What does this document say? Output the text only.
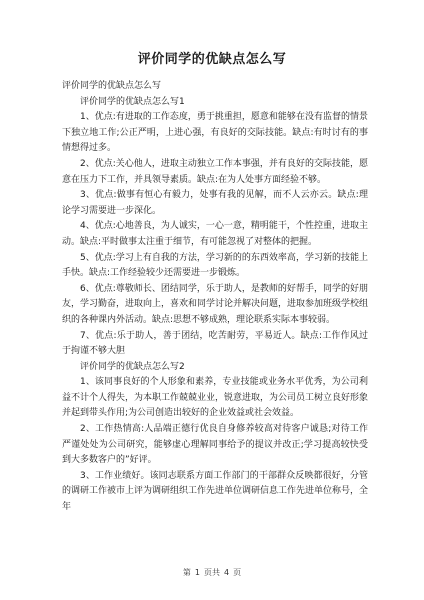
评价同学的优缺点怎么写

评价同学的优缺点怎么写

评价同学的优缺点怎么写1

1、优点:有进取的工作态度，勇于挑重担，愿意和能够在没有监督的情景下独立地工作;公正严明，上进心强，有良好的交际技能。缺点:有时讨有的事情想得过多。

2、优点:关心他人，进取主动独立工作本事强，并有良好的交际技能，愿意在压力下工作，并具领导素质。缺点:在为人处事方面经验不够。

3、优点:做事有恒心有毅力，处事有我的见解，而不人云亦云。缺点:理论学习需要进一步深化。

4、优点:心地善良，为人诚实，一心一意，精明能干，个性控重，进取主动。缺点:平时做事太注重于细节，有可能忽视了对整体的把握。

5、优点:学习上有自我的方法，学习新的的东西效率高，学习新的技能上手快。缺点:工作经验较少还需要进一步锻炼。

6、优点:尊敬师长、团结同学，乐于助人，是教师的好帮手，同学的好朋友，学习勤奋，进取向上，喜欢和同学讨论并解决问题，进取参加班级学校组织的各种课内外活动。缺点:思想不够成熟，理论联系实际本事较弱。

7、优点:乐于助人，善于团结，吃苦耐劳，平易近人。缺点:工作作风过于拘谨不够大胆

评价同学的优缺点怎么写2

1、该同事良好的个人形象和素养，专业技能或业务水平优秀，为公司利益不计个人得失，为本职工作兢兢业业，锐意进取，为公司员工树立良好形象并起到带头作用;为公司创造出较好的企业效益或社会效益。

2、工作热情高:人品端正德行优良自身修养较高对待客户诚恳;对待工作严谨处处为公司研究，能够虚心理解同事给予的提议并改正;学习提高较快受到大多数客户的”好评。

3、工作业绩好。该同志联系方面工作部门的干部群众反映都很好，分管的调研工作被市上评为调研组织工作先进单位调研信息工作先进单位称号，全年

第 1 页共 4 页
